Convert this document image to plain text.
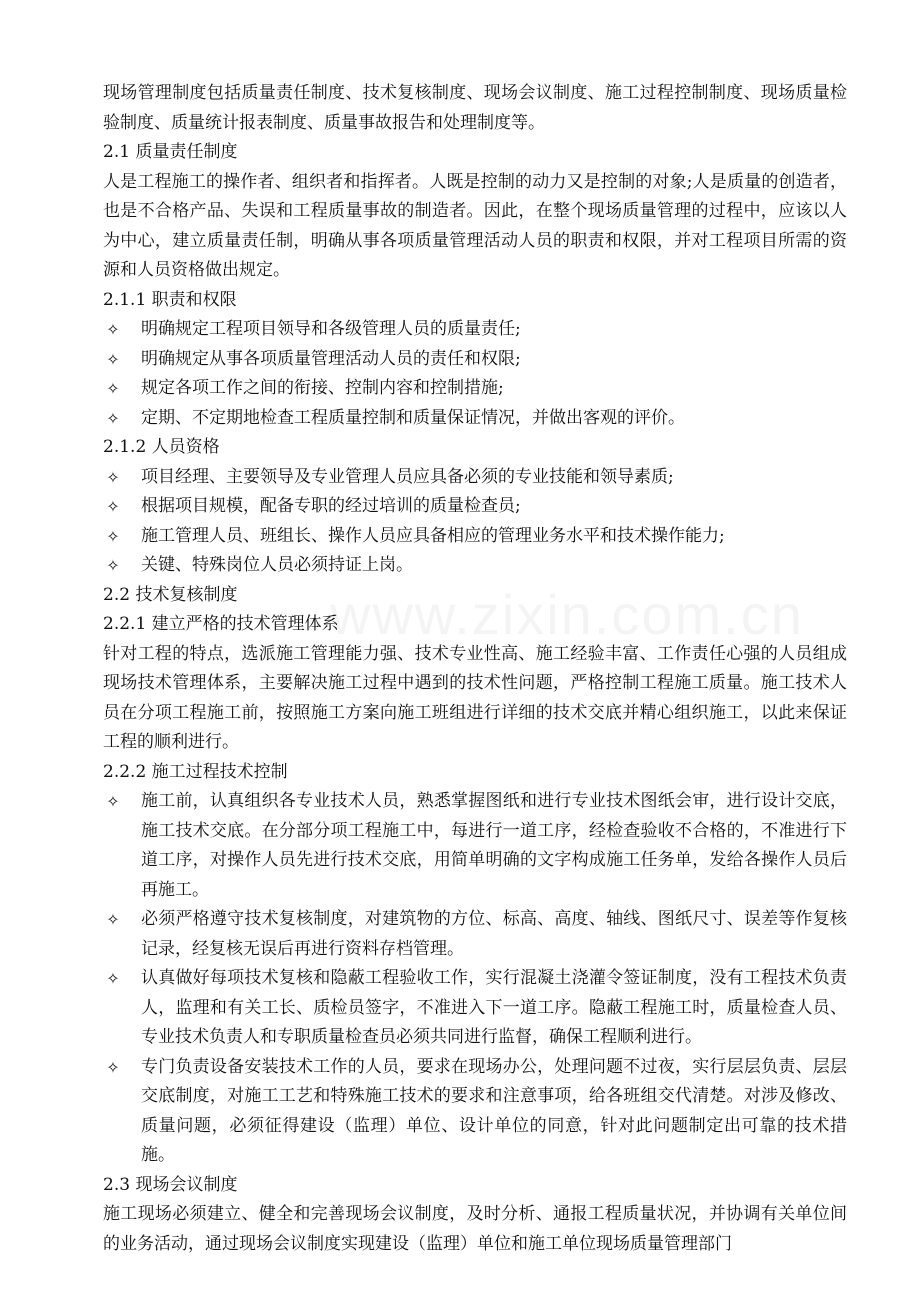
www.zixin.com.cn

现场管理制度包括质量责任制度、技术复核制度、现场会议制度、施工过程控制制度、现场质量检验制度、质量统计报表制度、质量事故报告和处理制度等。

2.1 质量责任制度

人是工程施工的操作者、组织者和指挥者。人既是控制的动力又是控制的对象;人是质量的创造者，也是不合格产品、失误和工程质量事故的制造者。因此，在整个现场质量管理的过程中，应该以人为中心，建立质量责任制，明确从事各项质量管理活动人员的职责和权限，并对工程项目所需的资源和人员资格做出规定。

2.1.1 职责和权限

✧ 明确规定工程项目领导和各级管理人员的质量责任;
✧ 明确规定从事各项质量管理活动人员的责任和权限;
✧ 规定各项工作之间的衔接、控制内容和控制措施;
✧ 定期、不定期地检查工程质量控制和质量保证情况，并做出客观的评价。

2.1.2 人员资格

✧ 项目经理、主要领导及专业管理人员应具备必须的专业技能和领导素质;
✧ 根据项目规模，配备专职的经过培训的质量检查员;
✧ 施工管理人员、班组长、操作人员应具备相应的管理业务水平和技术操作能力;
✧ 关键、特殊岗位人员必须持证上岗。

2.2 技术复核制度

2.2.1 建立严格的技术管理体系

针对工程的特点，选派施工管理能力强、技术专业性高、施工经验丰富、工作责任心强的人员组成现场技术管理体系，主要解决施工过程中遇到的技术性问题，严格控制工程施工质量。施工技术人员在分项工程施工前，按照施工方案向施工班组进行详细的技术交底并精心组织施工，以此来保证工程的顺利进行。

2.2.2 施工过程技术控制

✧ 施工前，认真组织各专业技术人员，熟悉掌握图纸和进行专业技术图纸会审，进行设计交底，施工技术交底。在分部分项工程施工中，每进行一道工序，经检查验收不合格的，不准进行下道工序，对操作人员先进行技术交底，用简单明确的文字构成施工任务单，发给各操作人员后再施工。
✧ 必须严格遵守技术复核制度，对建筑物的方位、标高、高度、轴线、图纸尺寸、误差等作复核记录，经复核无误后再进行资料存档管理。
✧ 认真做好每项技术复核和隐蔽工程验收工作，实行混凝土浇灌令签证制度，没有工程技术负责人，监理和有关工长、质检员签字，不准进入下一道工序。隐蔽工程施工时，质量检查人员、专业技术负责人和专职质量检查员必须共同进行监督，确保工程顺利进行。
✧ 专门负责设备安装技术工作的人员，要求在现场办公，处理问题不过夜，实行层层负责、层层交底制度，对施工工艺和特殊施工技术的要求和注意事项，给各班组交代清楚。对涉及修改、质量问题，必须征得建设（监理）单位、设计单位的同意，针对此问题制定出可靠的技术措施。

2.3 现场会议制度

施工现场必须建立、健全和完善现场会议制度，及时分析、通报工程质量状况，并协调有关单位间的业务活动，通过现场会议制度实现建设（监理）单位和施工单位现场质量管理部门
